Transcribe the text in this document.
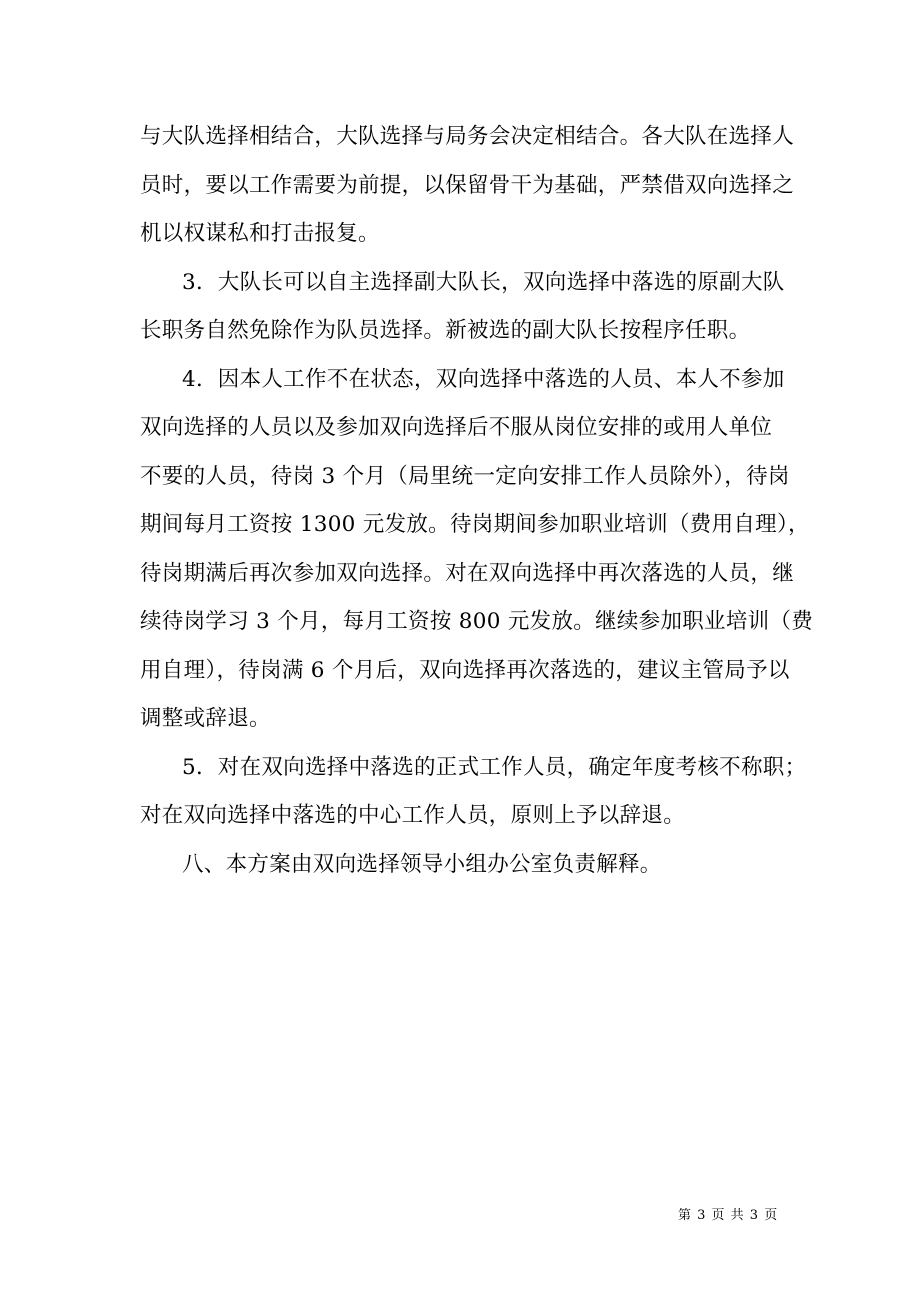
与大队选择相结合，大队选择与局务会决定相结合。各大队在选择人
员时，要以工作需要为前提，以保留骨干为基础，严禁借双向选择之
机以权谋私和打击报复。
3．大队长可以自主选择副大队长，双向选择中落选的原副大队
长职务自然免除作为队员选择。新被选的副大队长按程序任职。
4．因本人工作不在状态，双向选择中落选的人员、本人不参加
双向选择的人员以及参加双向选择后不服从岗位安排的或用人单位
不要的人员，待岗 3 个月（局里统一定向安排工作人员除外），待岗
期间每月工资按 1300 元发放。待岗期间参加职业培训（费用自理），
待岗期满后再次参加双向选择。对在双向选择中再次落选的人员，继
续待岗学习 3 个月，每月工资按 800 元发放。继续参加职业培训（费
用自理），待岗满 6 个月后，双向选择再次落选的，建议主管局予以
调整或辞退。
5．对在双向选择中落选的正式工作人员，确定年度考核不称职；
对在双向选择中落选的中心工作人员，原则上予以辞退。
八、本方案由双向选择领导小组办公室负责解释。
第 3 页 共 3 页
